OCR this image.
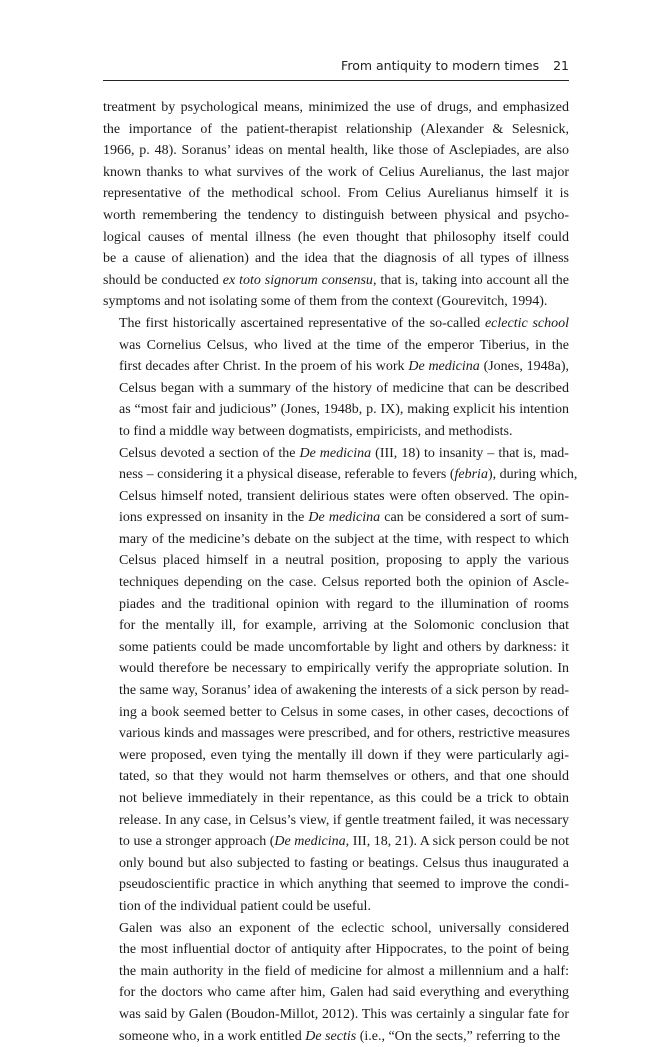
From antiquity to modern times 21

treatment by psychological means, minimized the use of drugs, and emphasized
the importance of the patient-therapist relationship (Alexander & Selesnick,
1966, p. 48). Soranus’ ideas on mental health, like those of Asclepiades, are also
known thanks to what survives of the work of Celius Aurelianus, the last major
representative of the methodical school. From Celius Aurelianus himself it is
worth remembering the tendency to distinguish between physical and psycho-
logical causes of mental illness (he even thought that philosophy itself could
be a cause of alienation) and the idea that the diagnosis of all types of illness
should be conducted ex toto signorum consensu, that is, taking into account all the
symptoms and not isolating some of them from the context (Gourevitch, 1994).

The first historically ascertained representative of the so-called eclectic school
was Cornelius Celsus, who lived at the time of the emperor Tiberius, in the
first decades after Christ. In the proem of his work De medicina (Jones, 1948a),
Celsus began with a summary of the history of medicine that can be described
as “most fair and judicious” (Jones, 1948b, p. IX), making explicit his intention
to find a middle way between dogmatists, empiricists, and methodists.

Celsus devoted a section of the De medicina (III, 18) to insanity – that is, mad-
ness – considering it a physical disease, referable to fevers (febria), during which,
Celsus himself noted, transient delirious states were often observed. The opin-
ions expressed on insanity in the De medicina can be considered a sort of sum-
mary of the medicine’s debate on the subject at the time, with respect to which
Celsus placed himself in a neutral position, proposing to apply the various
techniques depending on the case. Celsus reported both the opinion of Ascle-
piades and the traditional opinion with regard to the illumination of rooms
for the mentally ill, for example, arriving at the Solomonic conclusion that
some patients could be made uncomfortable by light and others by darkness: it
would therefore be necessary to empirically verify the appropriate solution. In
the same way, Soranus’ idea of awakening the interests of a sick person by read-
ing a book seemed better to Celsus in some cases, in other cases, decoctions of
various kinds and massages were prescribed, and for others, restrictive measures
were proposed, even tying the mentally ill down if they were particularly agi-
tated, so that they would not harm themselves or others, and that one should
not believe immediately in their repentance, as this could be a trick to obtain
release. In any case, in Celsus’s view, if gentle treatment failed, it was necessary
to use a stronger approach (De medicina, III, 18, 21). A sick person could be not
only bound but also subjected to fasting or beatings. Celsus thus inaugurated a
pseudoscientific practice in which anything that seemed to improve the condi-
tion of the individual patient could be useful.

Galen was also an exponent of the eclectic school, universally considered
the most influential doctor of antiquity after Hippocrates, to the point of being
the main authority in the field of medicine for almost a millennium and a half:
for the doctors who came after him, Galen had said everything and everything
was said by Galen (Boudon-Millot, 2012). This was certainly a singular fate for
someone who, in a work entitled De sectis (i.e., “On the sects,” referring to the
